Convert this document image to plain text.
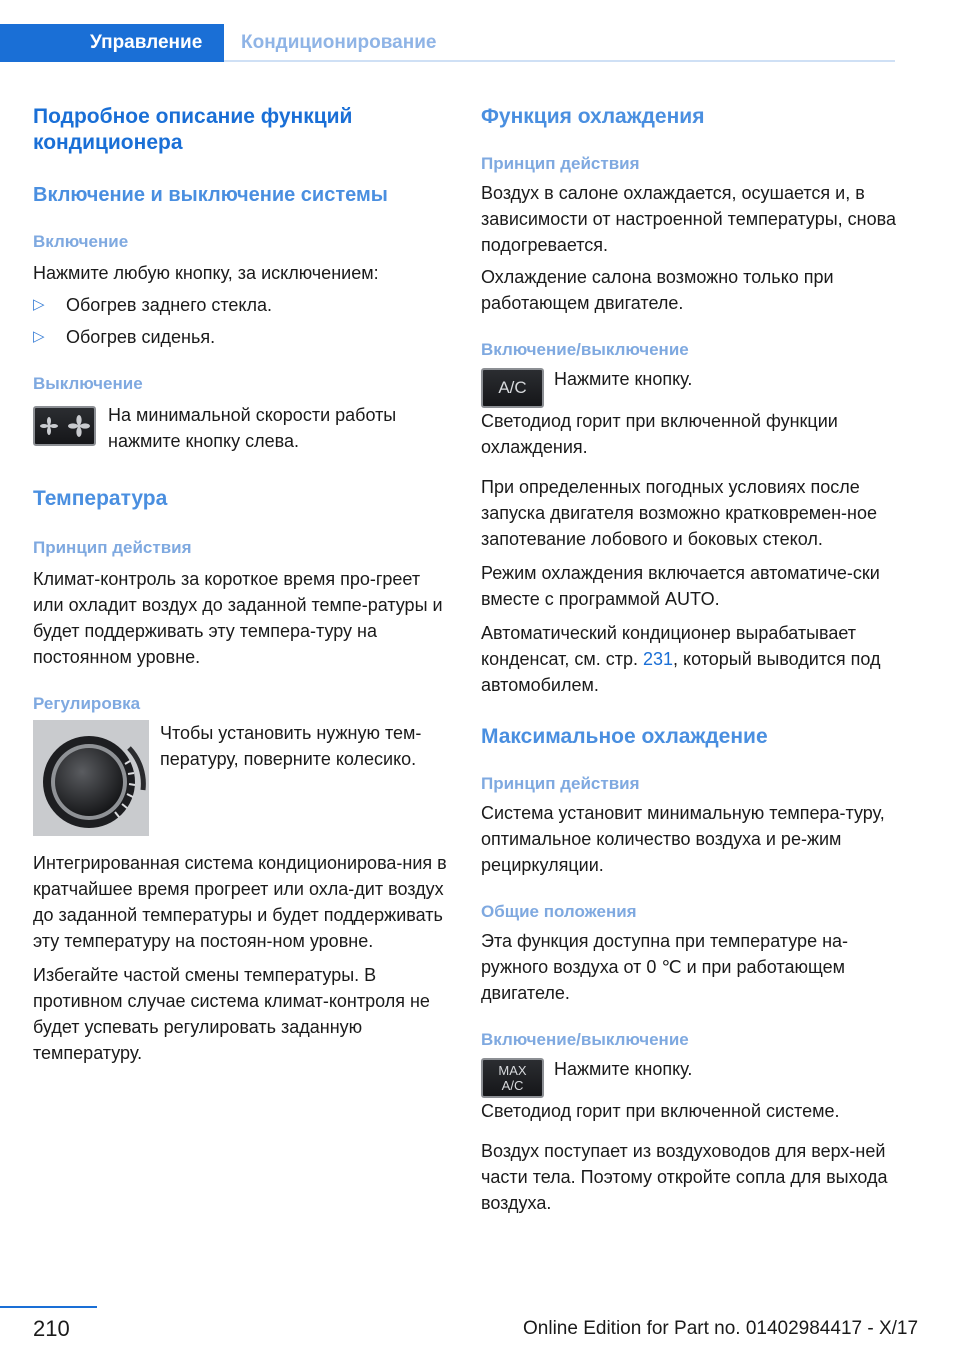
Управление	Кондиционирование
Подробное описание функций кондиционера
Включение и выключение системы
Включение

Нажмите любую кнопку, за исключением:

▷	Обогрев заднего стекла.
▷	Обогрев сиденья.
Выключение

На минимальной скорости работы нажмите кнопку слева.

Температура
Принцип действия

Климат-контроль за короткое время про-греет или охладит воздух до заданной темпе-ратуры и будет поддерживать эту темпера-туру на постоянном уровне.

Регулировка

Чтобы установить нужную тем-пературу, поверните колесико.

Интегрированная система кондиционирова-ния в кратчайшее время прогреет или охла-дит воздух до заданной температуры и будет поддерживать эту температуру на постоян-ном уровне.

Избегайте частой смены температуры. В противном случае система климат-контроля не будет успевать регулировать заданную температуру.

Функция охлаждения
Принцип действия

Воздух в салоне охлаждается, осушается и, в зависимости от настроенной температуры, снова подогревается.

Охлаждение салона возможно только при работающем двигателе.

Включение/выключение
A/C Нажмите кнопку.

Светодиод горит при включенной функции охлаждения.

При определенных погодных условиях после запуска двигателя возможно кратковремен-ное запотевание лобового и боковых стекол.

Режим охлаждения включается автоматиче-ски вместе с программой AUTO.

Автоматический кондиционер вырабатывает конденсат, см. стр. 231, который выводится под автомобилем.

Максимальное охлаждение
Принцип действия

Система установит минимальную темпера-туру, оптимальное количество воздуха и ре-жим рециркуляции.

Общие положения

Эта функция доступна при температуре на-ружного воздуха от 0 ℃ и при работающем двигателе.

Включение/выключение
MAX
A/C

Нажмите кнопку.

Светодиод горит при включенной системе.

Воздух поступает из воздуховодов для верх-ней части тела. Поэтому откройте сопла для выхода воздуха.

210	Online Edition for Part no. 01402984417 - X/17
